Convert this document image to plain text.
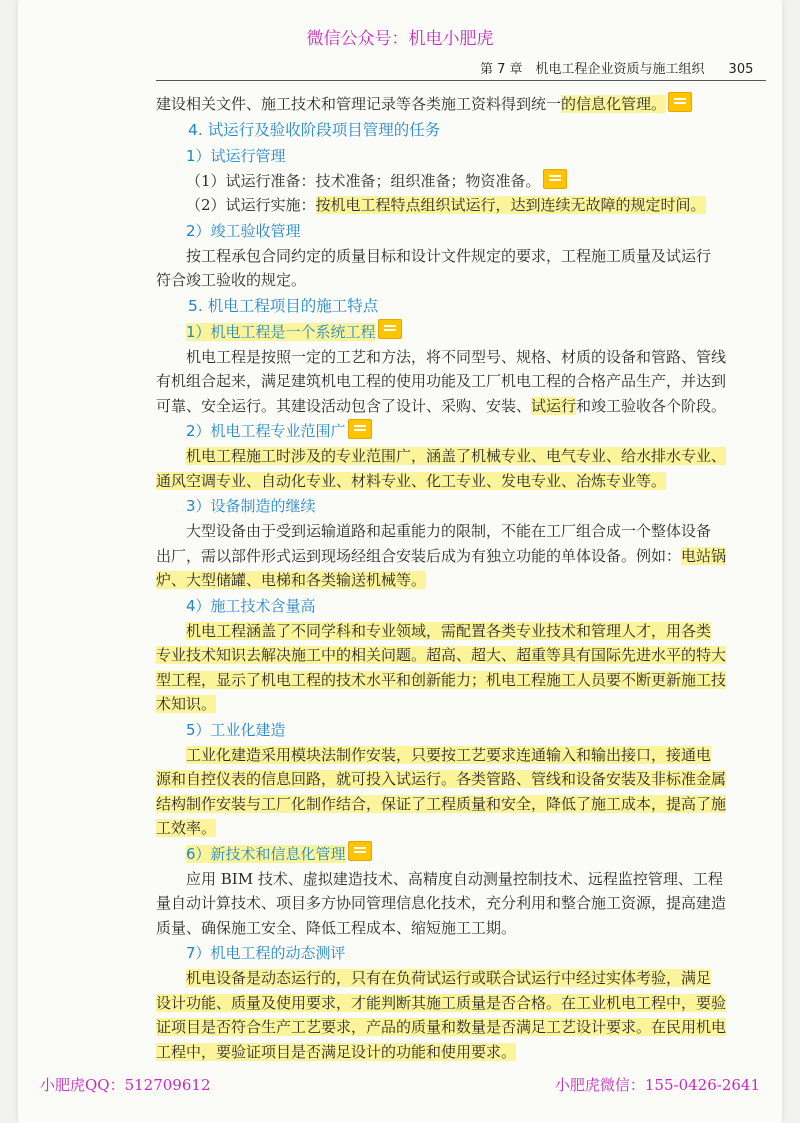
微信公众号：机电小肥虎
第 7 章　机电工程企业资质与施工组织 305
建设相关文件、施工技术和管理记录等各类施工资料得到统一的信息化管理。
4. 试运行及验收阶段项目管理的任务
1）试运行管理
（1）试运行准备：技术准备；组织准备；物资准备。
（2）试运行实施：按机电工程特点组织试运行，达到连续无故障的规定时间。
2）竣工验收管理
按工程承包合同约定的质量目标和设计文件规定的要求，工程施工质量及试运行
符合竣工验收的规定。
5. 机电工程项目的施工特点
1）机电工程是一个系统工程
机电工程是按照一定的工艺和方法，将不同型号、规格、材质的设备和管路、管线
有机组合起来，满足建筑机电工程的使用功能及工厂机电工程的合格产品生产，并达到
可靠、安全运行。其建设活动包含了设计、采购、安装、试运行和竣工验收各个阶段。
2）机电工程专业范围广
机电工程施工时涉及的专业范围广，涵盖了机械专业、电气专业、给水排水专业、
通风空调专业、自动化专业、材料专业、化工专业、发电专业、冶炼专业等。
3）设备制造的继续
大型设备由于受到运输道路和起重能力的限制，不能在工厂组合成一个整体设备
出厂，需以部件形式运到现场经组合安装后成为有独立功能的单体设备。例如：电站锅
炉、大型储罐、电梯和各类输送机械等。
4）施工技术含量高
机电工程涵盖了不同学科和专业领域，需配置各类专业技术和管理人才，用各类
专业技术知识去解决施工中的相关问题。超高、超大、超重等具有国际先进水平的特大
型工程，显示了机电工程的技术水平和创新能力；机电工程施工人员要不断更新施工技
术知识。
5）工业化建造
工业化建造采用模块法制作安装，只要按工艺要求连通输入和输出接口，接通电
源和自控仪表的信息回路，就可投入试运行。各类管路、管线和设备安装及非标准金属
结构制作安装与工厂化制作结合，保证了工程质量和安全，降低了施工成本，提高了施
工效率。
6）新技术和信息化管理
应用 BIM 技术、虚拟建造技术、高精度自动测量控制技术、远程监控管理、工程
量自动计算技术、项目多方协同管理信息化技术，充分利用和整合施工资源，提高建造
质量、确保施工安全、降低工程成本、缩短施工工期。
7）机电工程的动态测评
机电设备是动态运行的，只有在负荷试运行或联合试运行中经过实体考验，满足
设计功能、质量及使用要求，才能判断其施工质量是否合格。在工业机电工程中，要验
证项目是否符合生产工艺要求，产品的质量和数量是否满足工艺设计要求。在民用机电
工程中，要验证项目是否满足设计的功能和使用要求。
小肥虎QQ：512709612	小肥虎微信：155-0426-2641
